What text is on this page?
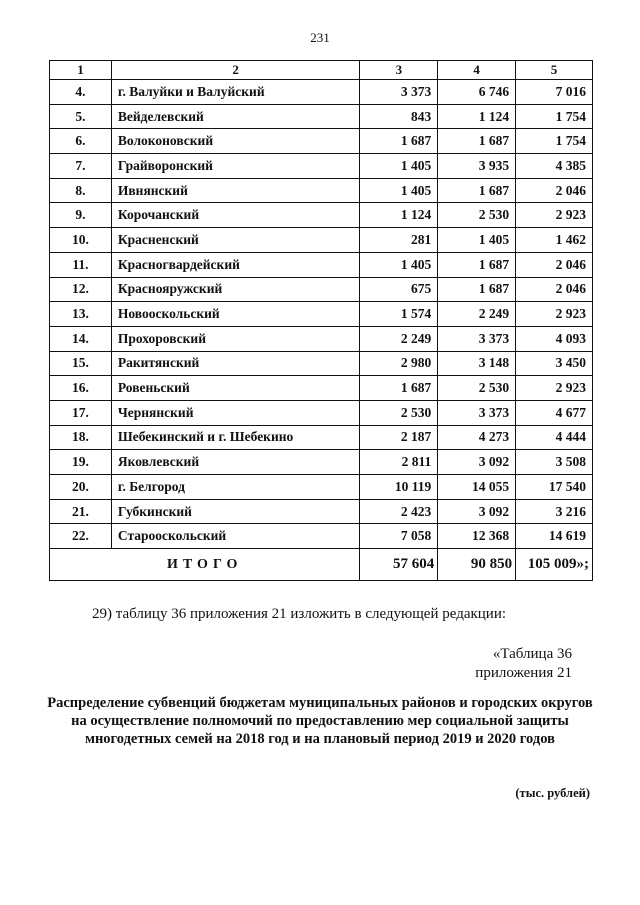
231
1	2	3	4	5
4.	г. Валуйки и Валуйский	3 373	6 746	7 016
5.	Вейделевский	843	1 124	1 754
6.	Волоконовский	1 687	1 687	1 754
7.	Грайворонский	1 405	3 935	4 385
8.	Ивнянский	1 405	1 687	2 046
9.	Корочанский	1 124	2 530	2 923
10.	Красненский	281	1 405	1 462
11.	Красногвардейский	1 405	1 687	2 046
12.	Краснояружский	675	1 687	2 046
13.	Новооскольский	1 574	2 249	2 923
14.	Прохоровский	2 249	3 373	4 093
15.	Ракитянский	2 980	3 148	3 450
16.	Ровеньский	1 687	2 530	2 923
17.	Чернянский	2 530	3 373	4 677
18.	Шебекинский и г. Шебекино	2 187	4 273	4 444
19.	Яковлевский	2 811	3 092	3 508
20.	г. Белгород	10 119	14 055	17 540
21.	Губкинский	2 423	3 092	3 216
22.	Старооскольский	7 058	12 368	14 619
ИТОГО		57 604	90 850	105 009»;
29) таблицу 36 приложения 21 изложить в следующей редакции:
«Таблица 36
приложения 21
Распределение субвенций бюджетам муниципальных районов и городских округов на осуществление полномочий по предоставлению мер социальной защиты многодетных семей на 2018 год и на плановый период 2019 и 2020 годов
(тыс. рублей)
